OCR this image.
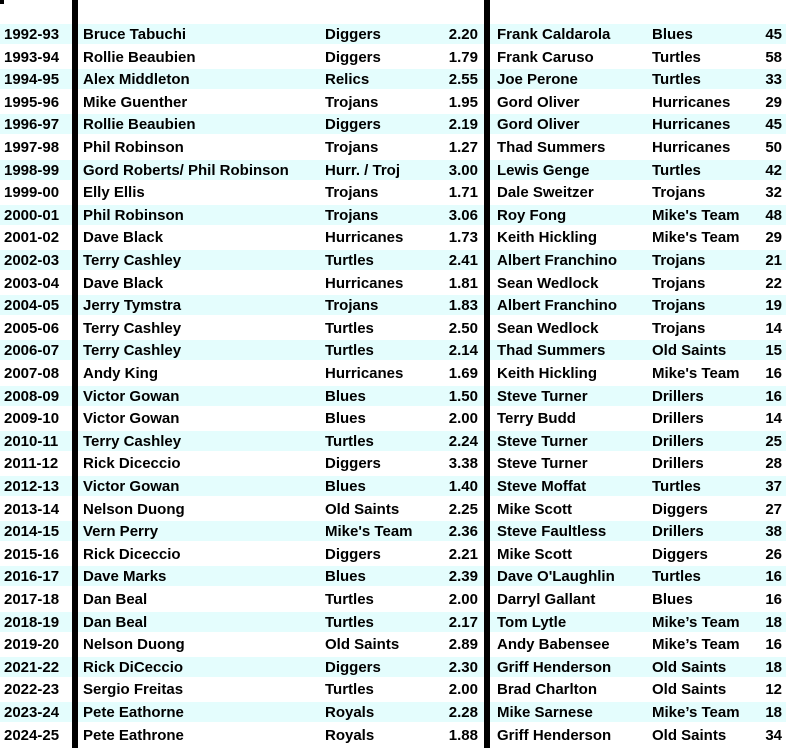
1992-93	Bruce Tabuchi	Diggers	2.20 Frank Caldarola	Blues	45
1993-94	Rollie Beaubien	Diggers	1.79 Frank Caruso	Turtles	58
1994-95	Alex Middleton	Relics	2.55 Joe Perone	Turtles	33
1995-96	Mike Guenther	Trojans	1.95 Gord Oliver	Hurricanes	29
1996-97	Rollie Beaubien	Diggers	2.19 Gord Oliver	Hurricanes	45
1997-98	Phil Robinson	Trojans	1.27 Thad Summers	Hurricanes	50
1998-99	Gord Roberts/ Phil Robinson	Hurr. / Troj	3.00 Lewis Genge	Turtles	42
1999-00	Elly Ellis	Trojans	1.71 Dale Sweitzer	Trojans	32
2000-01	Phil Robinson	Trojans	3.06 Roy Fong	Mike's Team	48
2001-02	Dave Black	Hurricanes	1.73 Keith Hickling	Mike's Team	29
2002-03	Terry Cashley	Turtles	2.41 Albert Franchino	Trojans	21
2003-04	Dave Black	Hurricanes	1.81 Sean Wedlock	Trojans	22
2004-05	Jerry Tymstra	Trojans	1.83 Albert Franchino	Trojans	19
2005-06	Terry Cashley	Turtles	2.50 Sean Wedlock	Trojans	14
2006-07	Terry Cashley	Turtles	2.14 Thad Summers	Old Saints	15
2007-08	Andy King	Hurricanes	1.69 Keith Hickling	Mike's Team	16
2008-09	Victor Gowan	Blues	1.50 Steve Turner	Drillers	16
2009-10	Victor Gowan	Blues	2.00 Terry Budd	Drillers	14
2010-11	Terry Cashley	Turtles	2.24 Steve Turner	Drillers	25
2011-12	Rick Diceccio	Diggers	3.38 Steve Turner	Drillers	28
2012-13	Victor Gowan	Blues	1.40 Steve Moffat	Turtles	37
2013-14	Nelson Duong	Old Saints	2.25 Mike Scott	Diggers	27
2014-15	Vern Perry	Mike's Team	2.36 Steve Faultless	Drillers	38
2015-16	Rick Diceccio	Diggers	2.21 Mike Scott	Diggers	26
2016-17	Dave Marks	Blues	2.39 Dave O'Laughlin	Turtles	16
2017-18	Dan Beal	Turtles	2.00 Darryl Gallant	Blues	16
2018-19	Dan Beal	Turtles	2.17 Tom Lytle	Mike’s Team	18
2019-20	Nelson Duong	Old Saints	2.89 Andy Babensee	Mike’s Team	16
2021-22	Rick DiCeccio	Diggers	2.30 Griff Henderson	Old Saints	18
2022-23	Sergio Freitas	Turtles	2.00 Brad Charlton	Old Saints	12
2023-24	Pete Eathorne	Royals	2.28 Mike Sarnese	Mike’s Team	18
2024-25	Pete Eathrone	Royals	1.88 Griff Henderson	Old Saints	34
